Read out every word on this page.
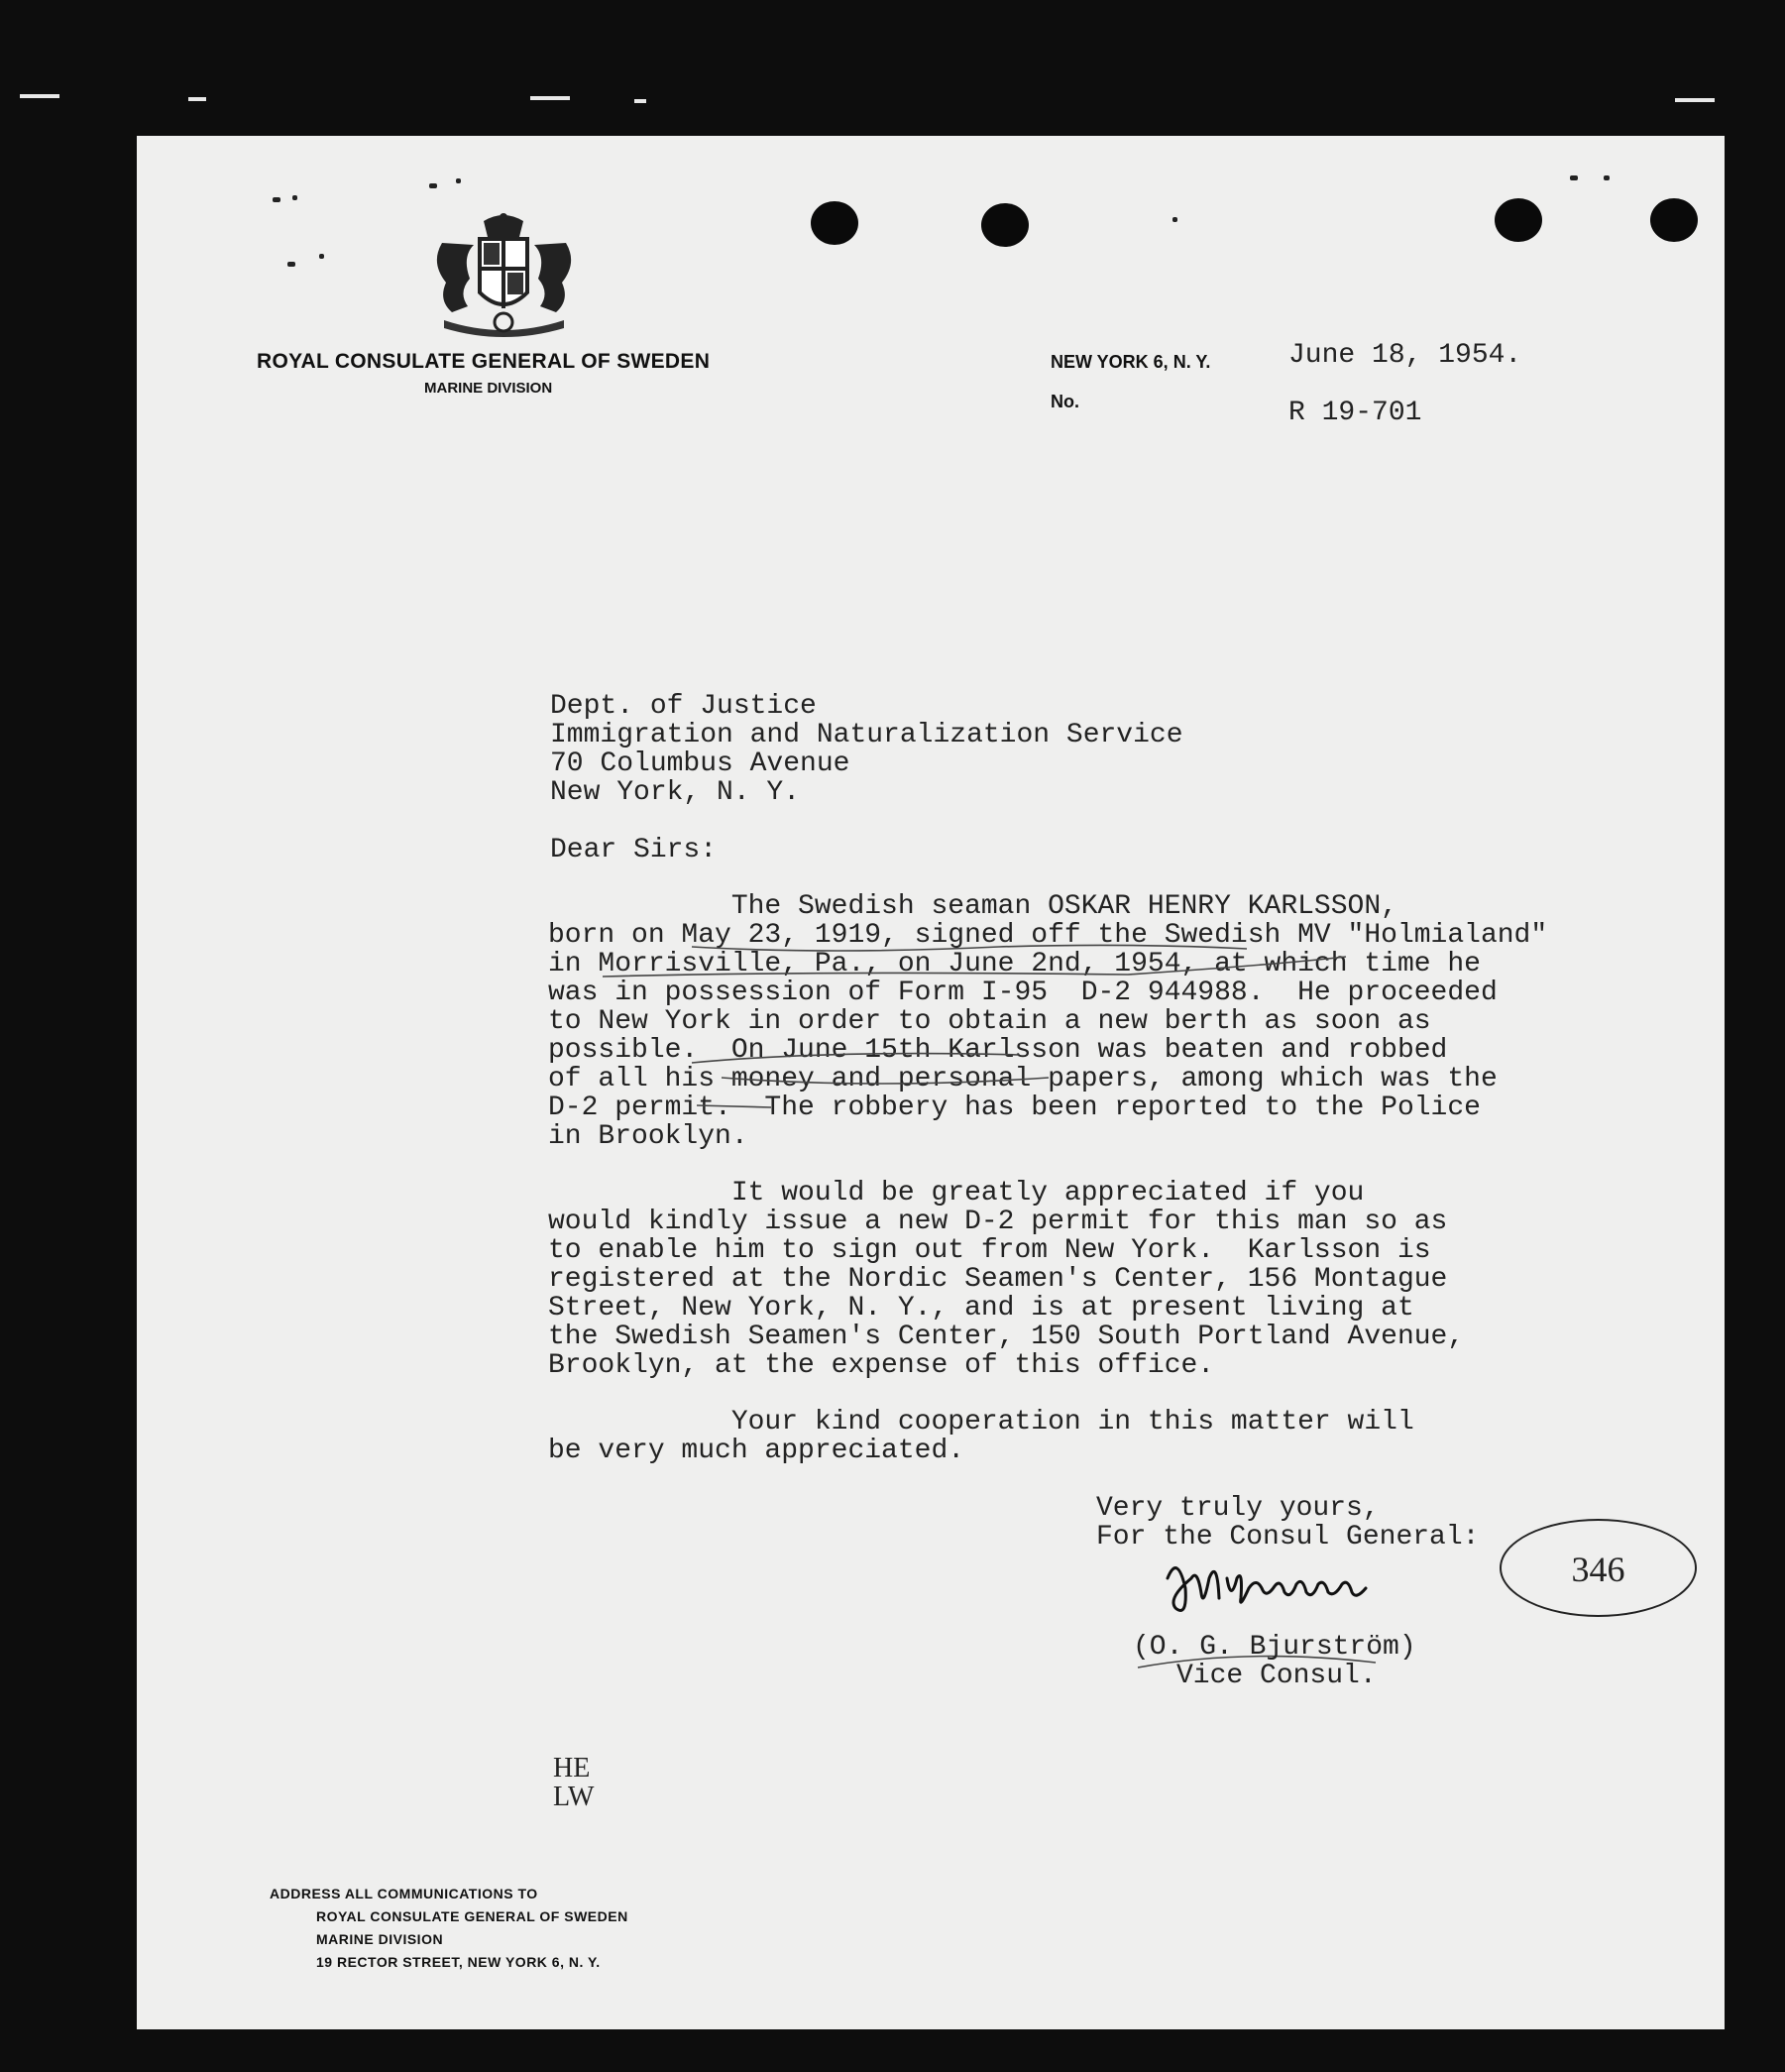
ROYAL CONSULATE GENERAL OF SWEDEN
MARINE DIVISION
NEW YORK 6, N. Y.
No.
June 18, 1954.
R 19-701
Dept. of Justice
Immigration and Naturalization Service
70 Columbus Avenue
New York, N. Y.
Dear Sirs:
The Swedish seaman OSKAR HENRY KARLSSON,
born on May 23, 1919, signed off the Swedish MV "Holmialand"
in Morrisville, Pa., on June 2nd, 1954, at which time he
was in possession of Form I-95  D-2 944988.  He proceeded
to New York in order to obtain a new berth as soon as
possible.  On June 15th Karlsson was beaten and robbed
of all his money and personal papers, among which was the
D-2 permit.  The robbery has been reported to the Police
in Brooklyn.
It would be greatly appreciated if you
would kindly issue a new D-2 permit for this man so as
to enable him to sign out from New York.  Karlsson is
registered at the Nordic Seamen's Center, 156 Montague
Street, New York, N. Y., and is at present living at
the Swedish Seamen's Center, 150 South Portland Avenue,
Brooklyn, at the expense of this office.
Your kind cooperation in this matter will
be very much appreciated.
Very truly yours,
For the Consul General:
(O. G. Bjurström)
Vice Consul.
346
HE
LW
ADDRESS ALL COMMUNICATIONS TO
ROYAL CONSULATE GENERAL OF SWEDEN
MARINE DIVISION
19 RECTOR STREET, NEW YORK 6, N. Y.
